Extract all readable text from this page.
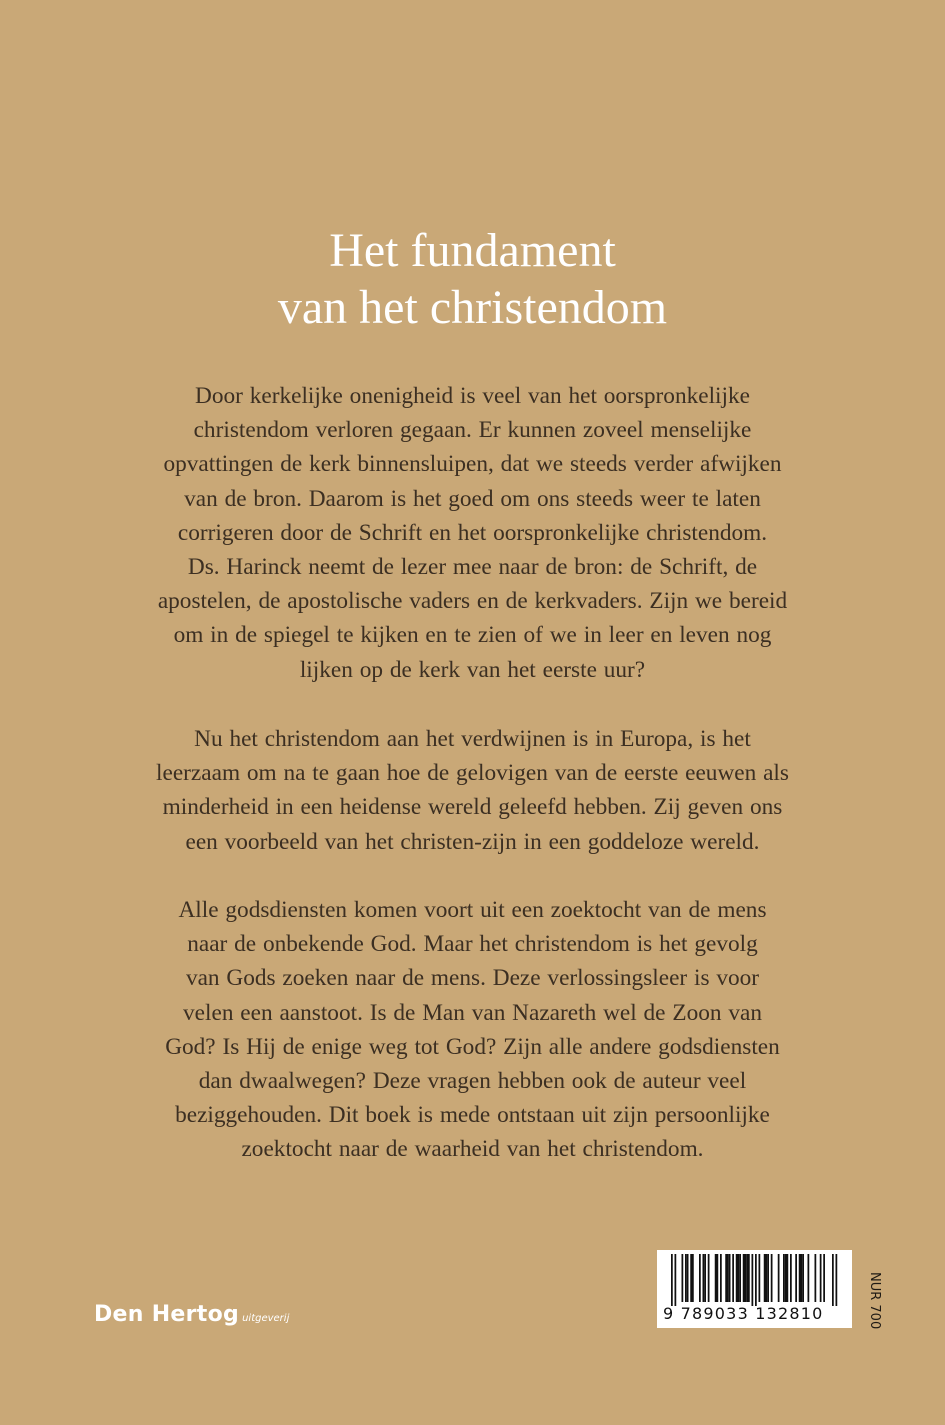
Het fundament
van het christendom
Door kerkelijke onenigheid is veel van het oorspronkelijke
christendom verloren gegaan. Er kunnen zoveel menselijke
opvattingen de kerk binnensluipen, dat we steeds verder afwijken
van de bron. Daarom is het goed om ons steeds weer te laten
corrigeren door de Schrift en het oorspronkelijke christendom.
Ds. Harinck neemt de lezer mee naar de bron: de Schrift, de
apostelen, de apostolische vaders en de kerkvaders. Zijn we bereid
om in de spiegel te kijken en te zien of we in leer en leven nog
lijken op de kerk van het eerste uur?
Nu het christendom aan het verdwijnen is in Europa, is het
leerzaam om na te gaan hoe de gelovigen van de eerste eeuwen als
minderheid in een heidense wereld geleefd hebben. Zij geven ons
een voorbeeld van het christen-zijn in een goddeloze wereld.
Alle godsdiensten komen voort uit een zoektocht van de mens
naar de onbekende God. Maar het christendom is het gevolg
van Gods zoeken naar de mens. Deze verlossingsleer is voor
velen een aanstoot. Is de Man van Nazareth wel de Zoon van
God? Is Hij de enige weg tot God? Zijn alle andere godsdiensten
dan dwaalwegen? Deze vragen hebben ook de auteur veel
beziggehouden. Dit boek is mede ontstaan uit zijn persoonlijke
zoektocht naar de waarheid van het christendom.
Den Hertog uitgeverij	9 789033 132810	NUR 700
